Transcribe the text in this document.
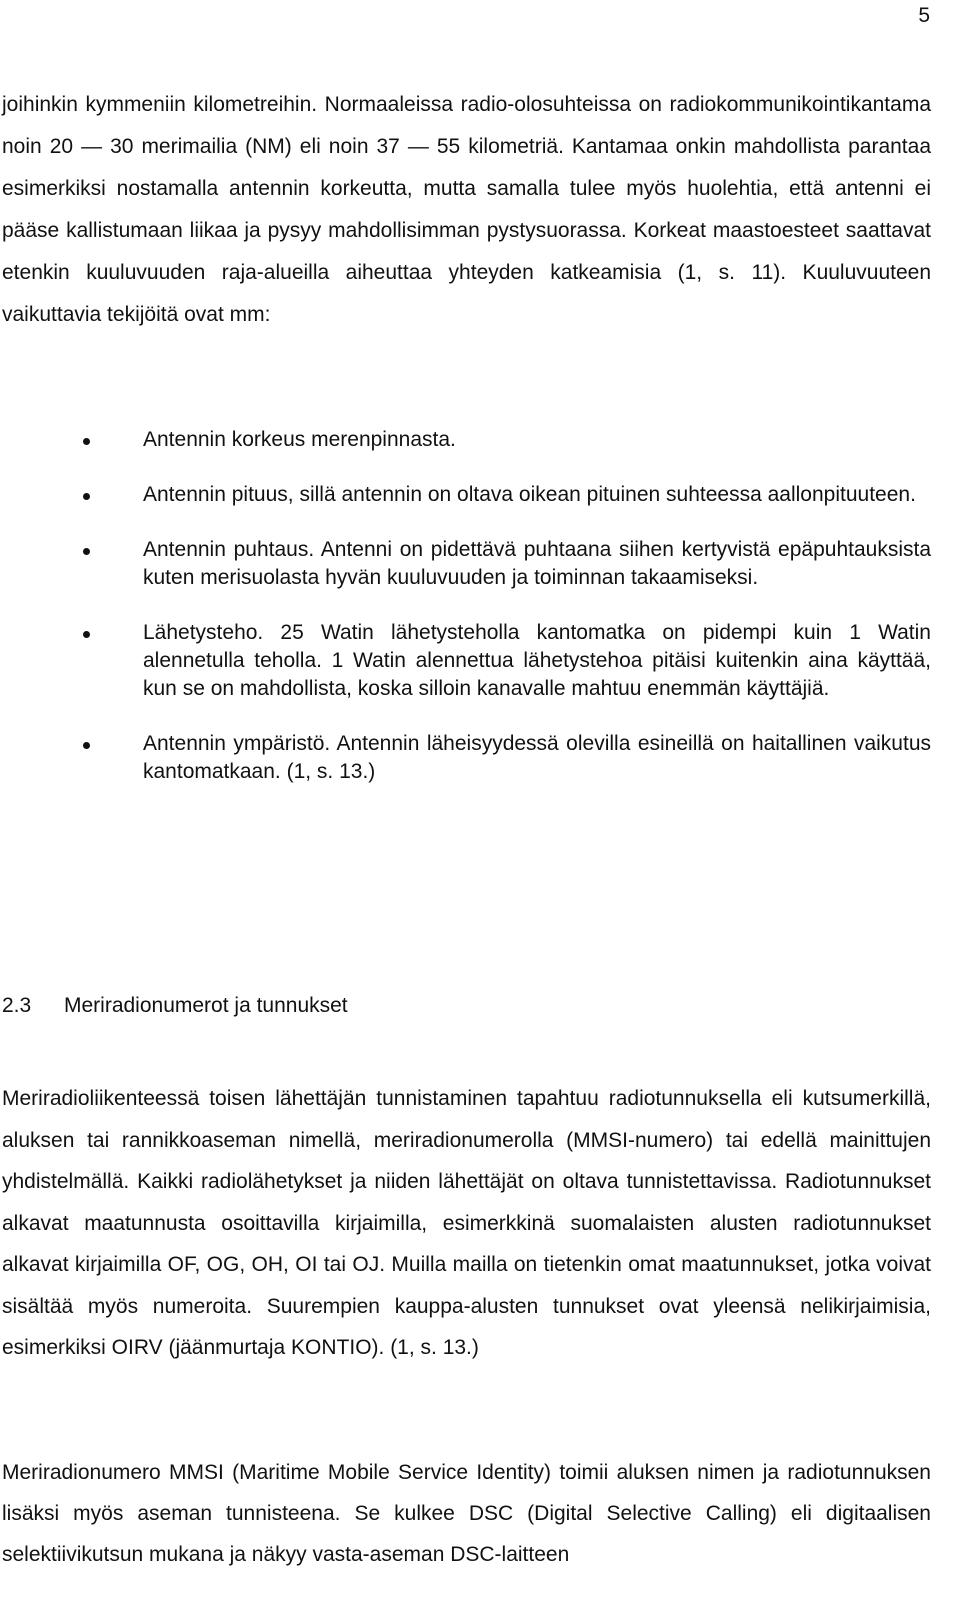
5

joihinkin kymmeniin kilometreihin. Normaaleissa radio-olosuhteissa on radiokommunikointikantama noin 20 — 30 merimailia (NM) eli noin 37 — 55 kilometriä. Kantamaa onkin mahdollista parantaa esimerkiksi nostamalla antennin korkeutta, mutta samalla tulee myös huolehtia, että antenni ei pääse kallistumaan liikaa ja pysyy mahdollisimman pystysuorassa. Korkeat maastoesteet saattavat etenkin kuuluvuuden raja-alueilla aiheuttaa yhteyden katkeamisia (1, s. 11). Kuuluvuuteen vaikuttavia tekijöitä ovat mm:

Antennin korkeus merenpinnasta.
Antennin pituus, sillä antennin on oltava oikean pituinen suhteessa aallonpituuteen.
Antennin puhtaus. Antenni on pidettävä puhtaana siihen kertyvistä epäpuhtauksista kuten merisuolasta hyvän kuuluvuuden ja toiminnan takaamiseksi.
Lähetysteho. 25 Watin lähetysteholla kantomatka on pidempi kuin 1 Watin alennetulla teholla. 1 Watin alennettua lähetystehoa pitäisi kuitenkin aina käyttää, kun se on mahdollista, koska silloin kanavalle mahtuu enemmän käyttäjiä.
Antennin ympäristö. Antennin läheisyydessä olevilla esineillä on haitallinen vaikutus kantomatkaan. (1, s. 13.)
2.3 Meriradionumerot ja tunnukset

Meriradioliikenteessä toisen lähettäjän tunnistaminen tapahtuu radiotunnuksella eli kutsumerkillä, aluksen tai rannikkoaseman nimellä, meriradionumerolla (MMSI-numero) tai edellä mainittujen yhdistelmällä. Kaikki radiolähetykset ja niiden lähettäjät on oltava tunnistettavissa. Radiotunnukset alkavat maatunnusta osoittavilla kirjaimilla, esimerkkinä suomalaisten alusten radiotunnukset alkavat kirjaimilla OF, OG, OH, OI tai OJ. Muilla mailla on tietenkin omat maatunnukset, jotka voivat sisältää myös numeroita. Suurempien kauppa-alusten tunnukset ovat yleensä nelikirjaimisia, esimerkiksi OIRV (jäänmurtaja KONTIO). (1, s. 13.)

Meriradionumero MMSI (Maritime Mobile Service Identity) toimii aluksen nimen ja radiotunnuksen lisäksi myös aseman tunnisteena. Se kulkee DSC (Digital Selective Calling) eli digitaalisen selektiivikutsun mukana ja näkyy vasta-aseman DSC-laitteen
